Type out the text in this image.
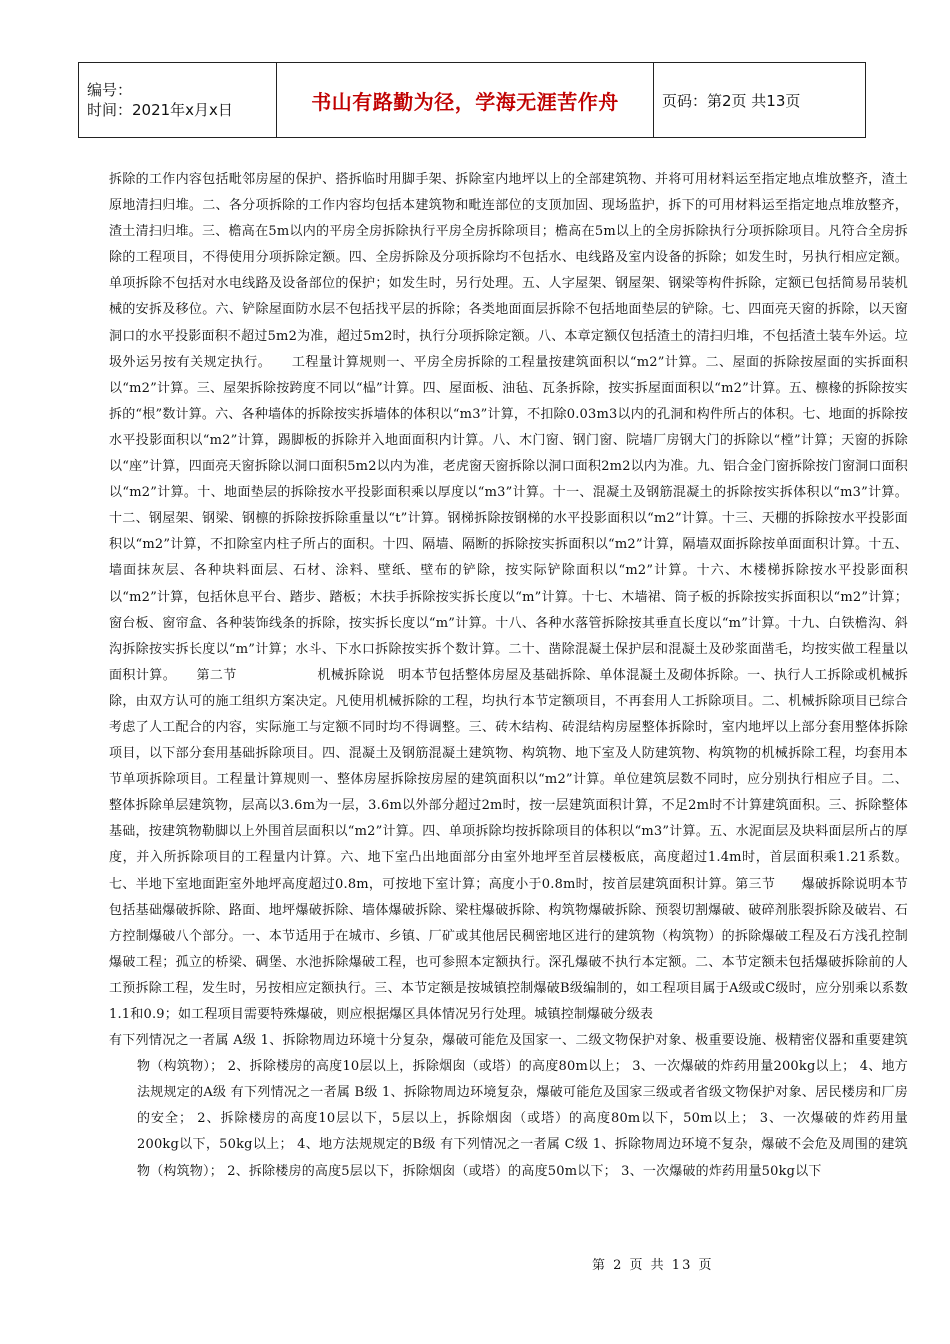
编号：
时间：2021年x月x日	书山有路勤为径，学海无涯苦作舟	页码：第2页 共13页

拆除的工作内容包括毗邻房屋的保护、搭拆临时用脚手架、拆除室内地坪以上的全部建筑物、并将可用材料运至指定地点堆放整齐，渣土原地清扫归堆。二、各分项拆除的工作内容均包括本建筑物和毗连部位的支顶加固、现场监护，拆下的可用材料运至指定地点堆放整齐，渣土清扫归堆。三、檐高在5m以内的平房全房拆除执行平房全房拆除项目；檐高在5m以上的全房拆除执行分项拆除项目。凡符合全房拆除的工程项目，不得使用分项拆除定额。四、全房拆除及分项拆除均不包括水、电线路及室内设备的拆除；如发生时，另执行相应定额。单项拆除不包括对水电线路及设备部位的保护；如发生时，另行处理。五、人字屋架、钢屋架、钢梁等构件拆除，定额已包括简易吊装机械的安拆及移位。六、铲除屋面防水层不包括找平层的拆除；各类地面面层拆除不包括地面垫层的铲除。七、四面亮天窗的拆除，以天窗洞口的水平投影面积不超过5m2为准，超过5m2时，执行分项拆除定额。八、本章定额仅包括渣土的清扫归堆，不包括渣土装车外运。垃圾外运另按有关规定执行。　　工程量计算规则一、平房全房拆除的工程量按建筑面积以“m2”计算。二、屋面的拆除按屋面的实拆面积以“m2”计算。三、屋架拆除按跨度不同以“榀”计算。四、屋面板、油毡、瓦条拆除，按实拆屋面面积以“m2”计算。五、檩椽的拆除按实拆的“根”数计算。六、各种墙体的拆除按实拆墙体的体积以“m3”计算，不扣除0.03m3以内的孔洞和构件所占的体积。七、地面的拆除按水平投影面积以“m2”计算，踢脚板的拆除并入地面面积内计算。八、木门窗、钢门窗、院墙厂房钢大门的拆除以“樘”计算；天窗的拆除以“座”计算，四面亮天窗拆除以洞口面积5m2以内为准，老虎窗天窗拆除以洞口面积2m2以内为准。九、铝合金门窗拆除按门窗洞口面积以“m2”计算。十、地面垫层的拆除按水平投影面积乘以厚度以“m3”计算。十一、混凝土及钢筋混凝土的拆除按实拆体积以“m3”计算。十二、钢屋架、钢梁、钢檩的拆除按拆除重量以“t”计算。钢梯拆除按钢梯的水平投影面积以“m2”计算。十三、天棚的拆除按水平投影面积以“m2”计算，不扣除室内柱子所占的面积。十四、隔墙、隔断的拆除按实拆面积以“m2”计算，隔墙双面拆除按单面面积计算。十五、墙面抹灰层、各种块料面层、石材、涂料、壁纸、壁布的铲除，按实际铲除面积以“m2”计算。十六、木楼梯拆除按水平投影面积以“m2”计算，包括休息平台、踏步、踏板；木扶手拆除按实拆长度以“m”计算。十七、木墙裙、筒子板的拆除按实拆面积以“m2”计算；窗台板、窗帘盒、各种装饰线条的拆除，按实拆长度以“m”计算。十八、各种水落管拆除按其垂直长度以“m”计算。十九、白铁檐沟、斜沟拆除按实拆长度以“m”计算；水斗、下水口拆除按实拆个数计算。二十、凿除混凝土保护层和混凝土及砂浆面凿毛，均按实做工程量以面积计算。　　第二节　　　　　　机械拆除说　明本节包括整体房屋及基础拆除、单体混凝土及砌体拆除。一、执行人工拆除或机械拆除，由双方认可的施工组织方案决定。凡使用机械拆除的工程，均执行本节定额项目，不再套用人工拆除项目。二、机械拆除项目已综合考虑了人工配合的内容，实际施工与定额不同时均不得调整。三、砖木结构、砖混结构房屋整体拆除时，室内地坪以上部分套用整体拆除项目，以下部分套用基础拆除项目。四、混凝土及钢筋混凝土建筑物、构筑物、地下室及人防建筑物、构筑物的机械拆除工程，均套用本节单项拆除项目。工程量计算规则一、整体房屋拆除按房屋的建筑面积以“m2”计算。单位建筑层数不同时，应分别执行相应子目。二、整体拆除单层建筑物，层高以3.6m为一层，3.6m以外部分超过2m时，按一层建筑面积计算，不足2m时不计算建筑面积。三、拆除整体基础，按建筑物勒脚以上外围首层面积以“m2”计算。四、单项拆除均按拆除项目的体积以“m3”计算。五、水泥面层及块料面层所占的厚度，并入所拆除项目的工程量内计算。六、地下室凸出地面部分由室外地坪至首层楼板底，高度超过1.4m时，首层面积乘1.21系数。七、半地下室地面距室外地坪高度超过0.8m，可按地下室计算；高度小于0.8m时，按首层建筑面积计算。第三节　　爆破拆除说明本节包括基础爆破拆除、路面、地坪爆破拆除、墙体爆破拆除、梁柱爆破拆除、构筑物爆破拆除、预裂切割爆破、破碎剂胀裂拆除及破岩、石方控制爆破八个部分。一、本节适用于在城市、乡镇、厂矿或其他居民稠密地区进行的建筑物（构筑物）的拆除爆破工程及石方浅孔控制爆破工程；孤立的桥梁、碉堡、水池拆除爆破工程，也可参照本定额执行。深孔爆破不执行本定额。二、本节定额未包括爆破拆除前的人工预拆除工程，发生时，另按相应定额执行。三、本节定额是按城镇控制爆破B级编制的，如工程项目属于A级或C级时，应分别乘以系数1.1和0.9；如工程项目需要特殊爆破，则应根据爆区具体情况另行处理。城镇控制爆破分级表

有下列情况之一者属 A级 1、拆除物周边环境十分复杂，爆破可能危及国家一、二级文物保护对象、极重要设施、极精密仪器和重要建筑物（构筑物）； 2、拆除楼房的高度10层以上，拆除烟囱（或塔）的高度80m以上； 3、一次爆破的炸药用量200kg以上； 4、地方法规规定的A级 有下列情况之一者属 B级 1、拆除物周边环境复杂，爆破可能危及国家三级或者省级文物保护对象、居民楼房和厂房的安全； 2、拆除楼房的高度10层以下，5层以上，拆除烟囱（或塔）的高度80m以下，50m以上； 3、一次爆破的炸药用量200kg以下，50kg以上； 4、地方法规规定的B级 有下列情况之一者属 C级 1、拆除物周边环境不复杂，爆破不会危及周围的建筑物（构筑物）； 2、拆除楼房的高度5层以下，拆除烟囱（或塔）的高度50m以下； 3、一次爆破的炸药用量50kg以下

第 2 页 共 13 页
